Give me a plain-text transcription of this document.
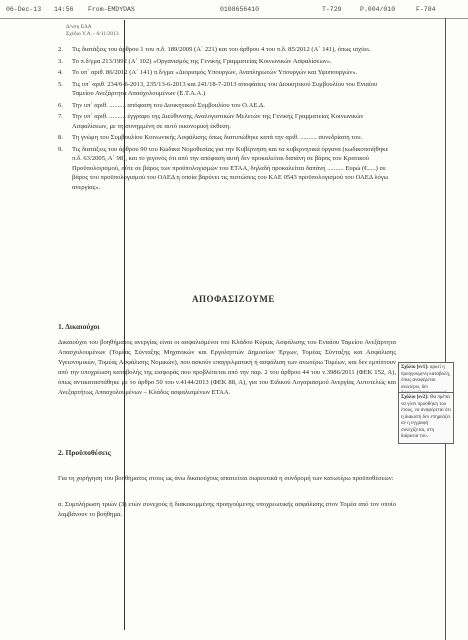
06-Dec-13 14:56 From-EMDYDAS	0108656410	T-729	P.004/010	F-784
Δ/νση ΕΔΑ
Σχέδιο Υ.Α. - 6/11/2013
2. Τις διατάξεις του άρθρου 1 του π.δ. 189/2009 (Α΄ 221) και του άρθρου 4 του π.δ. 85/2012 (Α΄ 141), όπως ισχύει.
3. Το π.δ/γμα 213/1992 (Α΄ 102) «Οργανισμός της Γενικής Γραμματείας Κοινωνικών Ασφαλίσεων».
4. Το υπ΄ αριθ. 86/2012 (Α΄ 141) π.δ/γμα «Διορισμός Υπουργών, Αναπληρωτών Υπουργών και Υφυπουργών».
5. Τις υπ΄ αριθ. 234/6-6-2013, 235/13-6-2013 και 241/18-7-2013 αποφάσεις του Διοικητικού Συμβουλίου του Ενιαίου Ταμείου Ανεξάρτητα Απασχολουμένων (Ε.Τ.Α.Α.)
6. Την υπ΄ αριθ. .......... απόφαση του Διοικητικού Συμβουλίου του Ο.ΑΕ.Δ.
7. Την υπ΄ αριθ. .......... έγγραφο της Διεύθυνσης Αναλογιστικών Μελετών της Γενικής Γραμματείας Κοινωνικών Ασφαλίσεων, με τη συνημμένη σε αυτό οικονομική έκθεση.
8. Τη γνώμη του Συμβουλίου Κοινωνικής Ασφάλισης όπως διατυπώθηκε κατά την αριθ. .......... συνεδρίαση του.
9. Τις διατάξεις του άρθρου 90 του Κώδικα Νομοθεσίας για την Κυβέρνηση και τα κυβερνητικά όργανα (κωδικοποιήθηκε π.δ. 63/2005, Α΄ 98), και το γεγονός ότι από την απόφαση αυτή δεν προκαλείται δαπάνη σε βάρος του Κρατικού Προϋπολογισμού, ούτε σε βάρος των προϋπολογισμών του ΕΤΑΑ, δηλαδή προκαλείται δαπάνη .......... Ευρώ (€.....) σε βάρος του προϋπολογισμού του ΟΑΕΔ η οποία βαρύνει τις πιστώσεις του ΚΑΕ 0543 προϋπολογισμού του ΟΑΕΔ λόγω ανεργίας».
ΑΠΟΦΑΣΙΖΟΥΜΕ
1. Δικαιούχοι
Δικαιούχοι του βοηθήματος ανεργίας είναι οι ασφαλισμένοι του Κλάδου Κύριας Ασφάλισης του Ενιαίου Ταμείου Ανεξάρτητα Απασχολουμένων (Τομέας Σύνταξης Μηχανικών και Εργοληπτών Δημοσίων Έργων, Τομέας Σύνταξης και Ασφάλισης Υγειονομικών, Τομέας Ασφάλισης Νομικών), που ασκούν επαγγελματική ή ασφάλιση των ανωτέρω Τομέων, και δεν εμπίπτουν από την υποχρέωση καταβολής της εισφοράς που προβλέπεται από την παρ. 2 του άρθρου 44 του ν.3986/2011 (ΦΕΚ 152, Α), όπως αντικαταστάθηκε με το άρθρο 50 του ν.4144/2013 (ΦΕΚ 88, Α), για του Ειδικού Λογαριασμού Ανεργίας Αυτοτελώς και Ανεξαρτήτως Απασχολουμένων – Κλάδος ασφαλισμένων ΕΤΑΑ.
2. Προϋποθέσεις
Για τη χορήγηση του βοηθήματος στους ως άνω δικαιούχους απαιτείται σωρευτικά η συνδρομή των κατωτέρω προϋποθέσεων:
α. Συμπλήρωση τριών (3) ετών συνεχούς ή διακεκομμένης προηγούμενης υποχρεωτικής ασφάλισης στον Τομέα από τον οποίο λαμβάνουν το βοήθημα.
Σχόλιο [sv1]: αρκεί η προηγούμενη καταβολή, όπως αναφέρεται ανώτερω, δεν
Σχόλιο [sv2]: Θα πρέπει να γίνει προσθήκη του έτους, να αναφέρεται ότι η διακοπή δεν επηρεάζει αν η εγγραφή συνεχίζεται, στη διάρκεια του.
